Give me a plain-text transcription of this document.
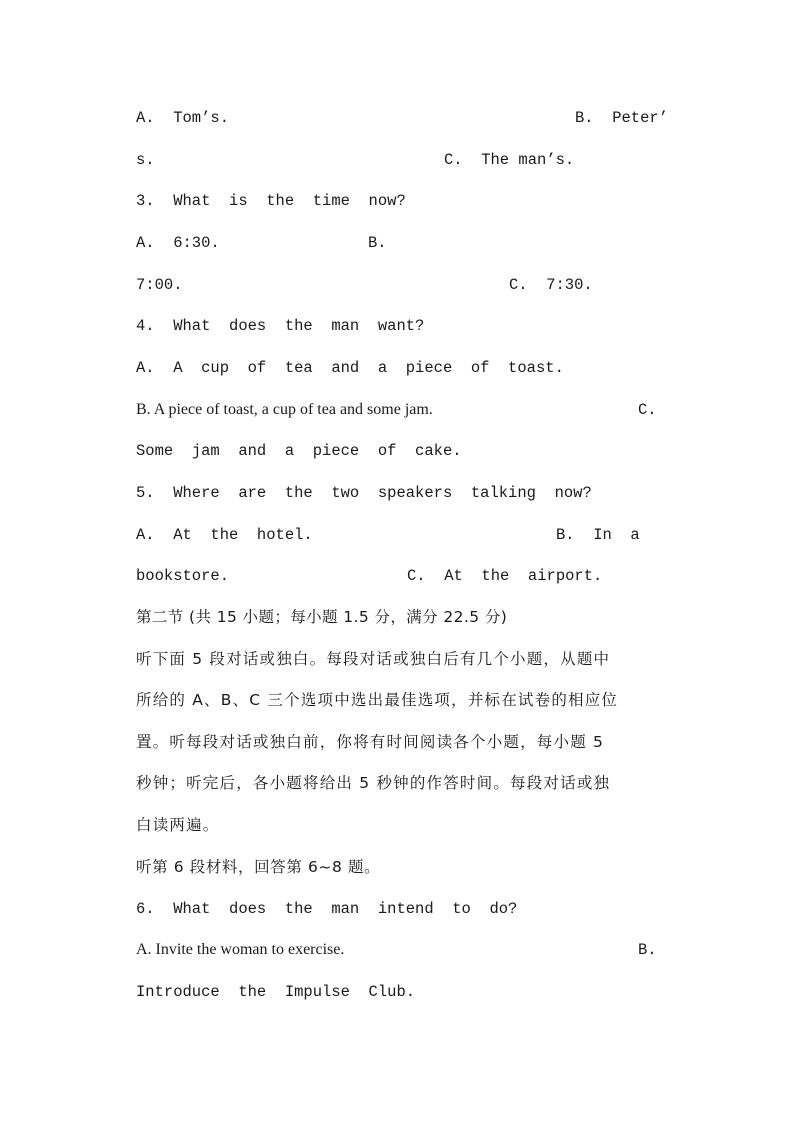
A.  Tom’s.	B.  Peter’
s.	C.  The man’s.
3.  What  is  the  time  now?
A.  6:30.	B.
7:00.	C.  7:30.
4.  What  does  the  man  want?
A.  A  cup  of  tea  and  a  piece  of  toast.
B. A piece of toast, a cup of tea and some jam.	C.
Some  jam  and  a  piece  of  cake.
5.  Where  are  the  two  speakers  talking  now?
A.  At  the  hotel.	B.  In  a
bookstore.	C.  At  the  airport.
第二节 (共 15 小题；每小题 1.5 分，满分 22.5 分)
听下面 5 段对话或独白。每段对话或独白后有几个小题，从题中
所给的 A、B、C 三个选项中选出最佳选项，并标在试卷的相应位
置。听每段对话或独白前，你将有时间阅读各个小题，每小题 5
秒钟；听完后，各小题将给出 5 秒钟的作答时间。每段对话或独
白读两遍。
听第 6 段材料，回答第 6~8 题。
6.  What  does  the  man  intend  to  do?
A. Invite the woman to exercise.	B.
Introduce  the  Impulse  Club.
